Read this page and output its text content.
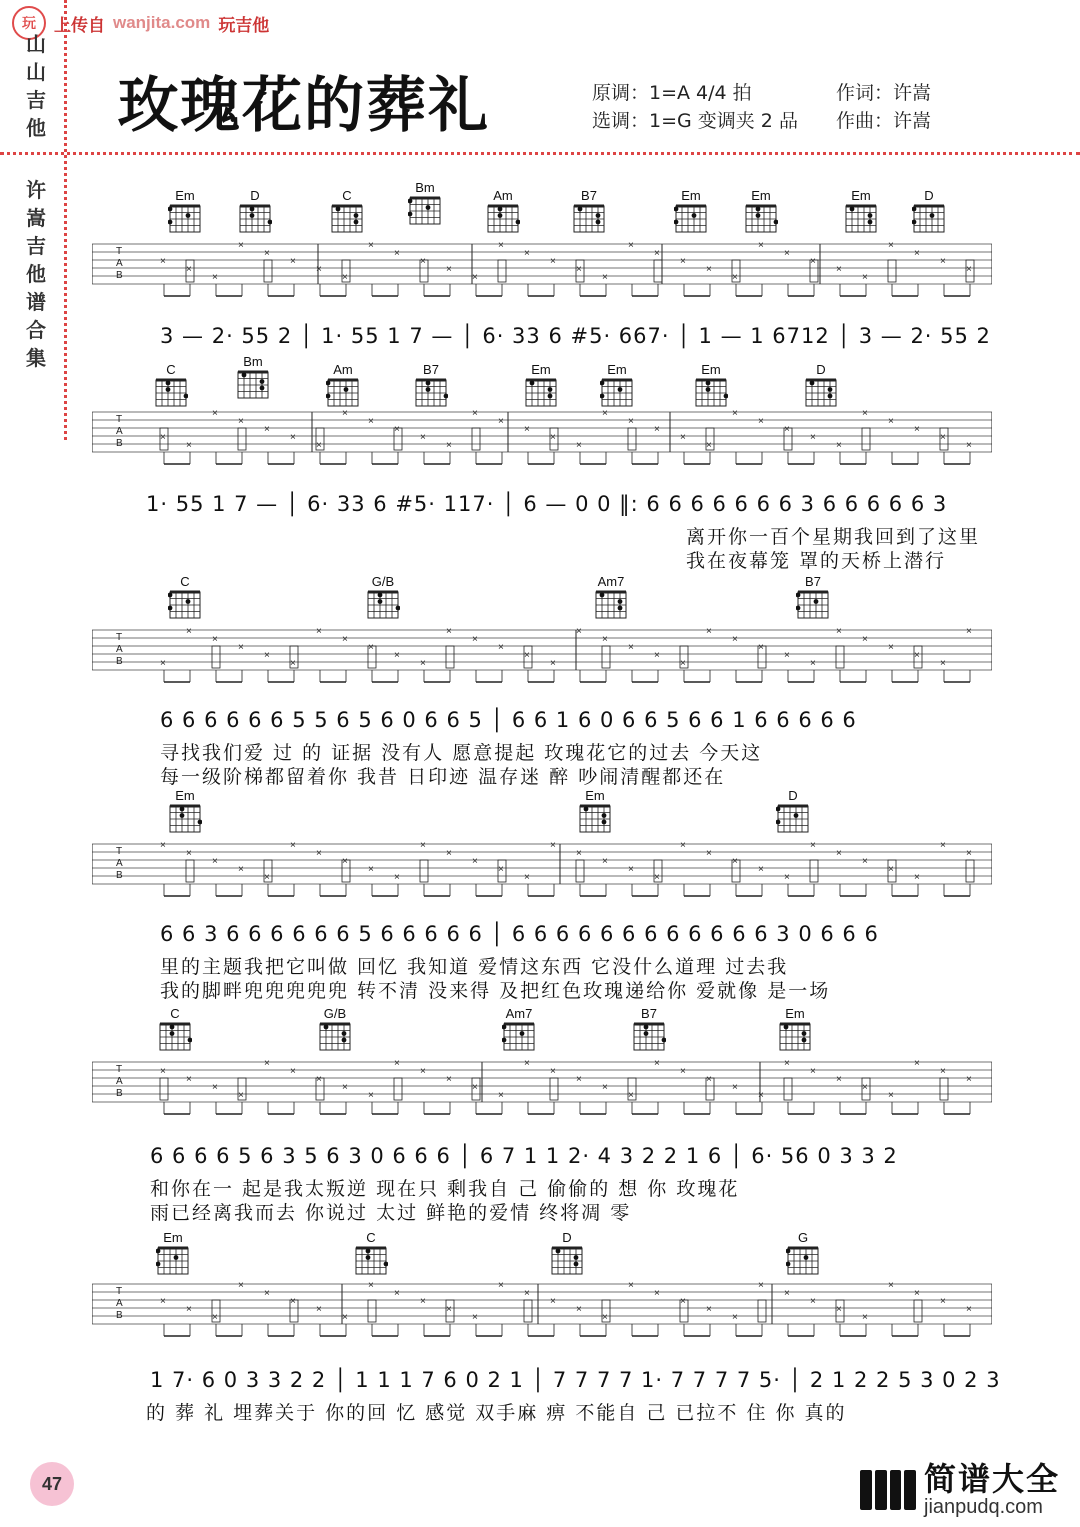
玩	上传自 wanjita.com 玩吉他
山山吉他
许嵩吉他谱合集
玫瑰花的葬礼	原调：1=A 4/4 拍
选调：1=G 变调夹 2 品
作词：许嵩
作曲：许嵩
Em	D	C
Bm
Am	B7	Em	Em	Em	D
T
A
B
×
×
×
×
×
×
×
×
×
×
×
×
×
×
×
×
×
×
×
×
×
×
×
×
×
×
×
×
×
×
×
×
3 — 2· 55 2 │ 1· 55 1 7 — │ 6· 33 6 #5· 667· │ 1 — 1 6712 │ 3 — 2· 55 2
C
Bm
Am	B7	Em	Em	Em	D
T
A
B
×
×
×
×
×
×
×
×
×
×
×
×
×
×
×
×
×
×
×
×
×
×
×
×
×
×
×
×
×
×
×
×
1· 55 1 7 — │ 6· 33 6 #5· 117· │ 6 — 0 0 ‖: 6 6 6 6 6 6 6 3 6 6 6 6 6 3
离开你一百个星期我回到了这里
我在夜幕笼 罩的天桥上潜行
C	G/B	Am7	B7
T
A
B	×
×
×
×
×
×
×
×
×
×
×
×
×
×
×
×
×
×
×
×
×
×
×
×
×
×
×
×
×
×
×
×
6 6 6 6 6 6 5 5 6 5 6 0 6 6 5 │ 6 6 1 6 0 6 6 5 6 6 1 6 6 6 6 6
寻找我们爱 过 的 证据 没有人 愿意提起 玫瑰花它的过去 今天这
每一级阶梯都留着你 我昔 日印迹 温存迷 醉 吵闹清醒都还在
Em	Em	D
T
A
B
×
×
×
×
×
×
×
×
×
×
×
×
×
×
×
×
×
×
×
×
×
×
×
×
×
×
×
×
×
×
×
×
6 6 3 6 6 6 6 6 6 5 6 6 6 6 6 │ 6 6 6 6 6 6 6 6 6 6 6 6 3 0 6 6 6
里的主题我把它叫做 回忆 我知道 爱情这东西 它没什么道理 过去我
我的脚畔兜兜兜兜兜 转不清 没来得 及把红色玫瑰递给你 爱就像 是一场
C	G/B	Am7	B7	Em
T
A
B
×
×
×
×
×
×
×
×
×
×
×
×
×
×
×
×
×
×
×
×
×
×
×
×
×
×
×
×
×
×
×
×
6 6 6 6 5 6 3 5 6 3 0 6 6 6 │ 6 7 1 1 2· 4 3 2 2 1 6 │ 6· 56 0 3 3 2
和你在一 起是我太叛逆 现在只 剩我自 己 偷偷的 想 你 玫瑰花
雨已经离我而去 你说过 太过 鲜艳的爱情 终将凋 零
Em	C	D	G
T
A
B
×
×
×
×
×
×
×
×
×
×
×
×
×
×
×
×
×
×
×
×
×
×
×
×
×
×
×
×
×
×
×
×
1 7· 6 0 3 3 2 2 │ 1 1 1 7 6 0 2 1 │ 7 7 7 7 1· 7 7 7 7 5· │ 2 1 2 2 5 3 0 2 3
的 葬 礼 埋葬关于 你的回 忆 感觉 双手麻 痹 不能自 己 已拉不 住 你 真的
47	简谱大全
jianpudq.com
